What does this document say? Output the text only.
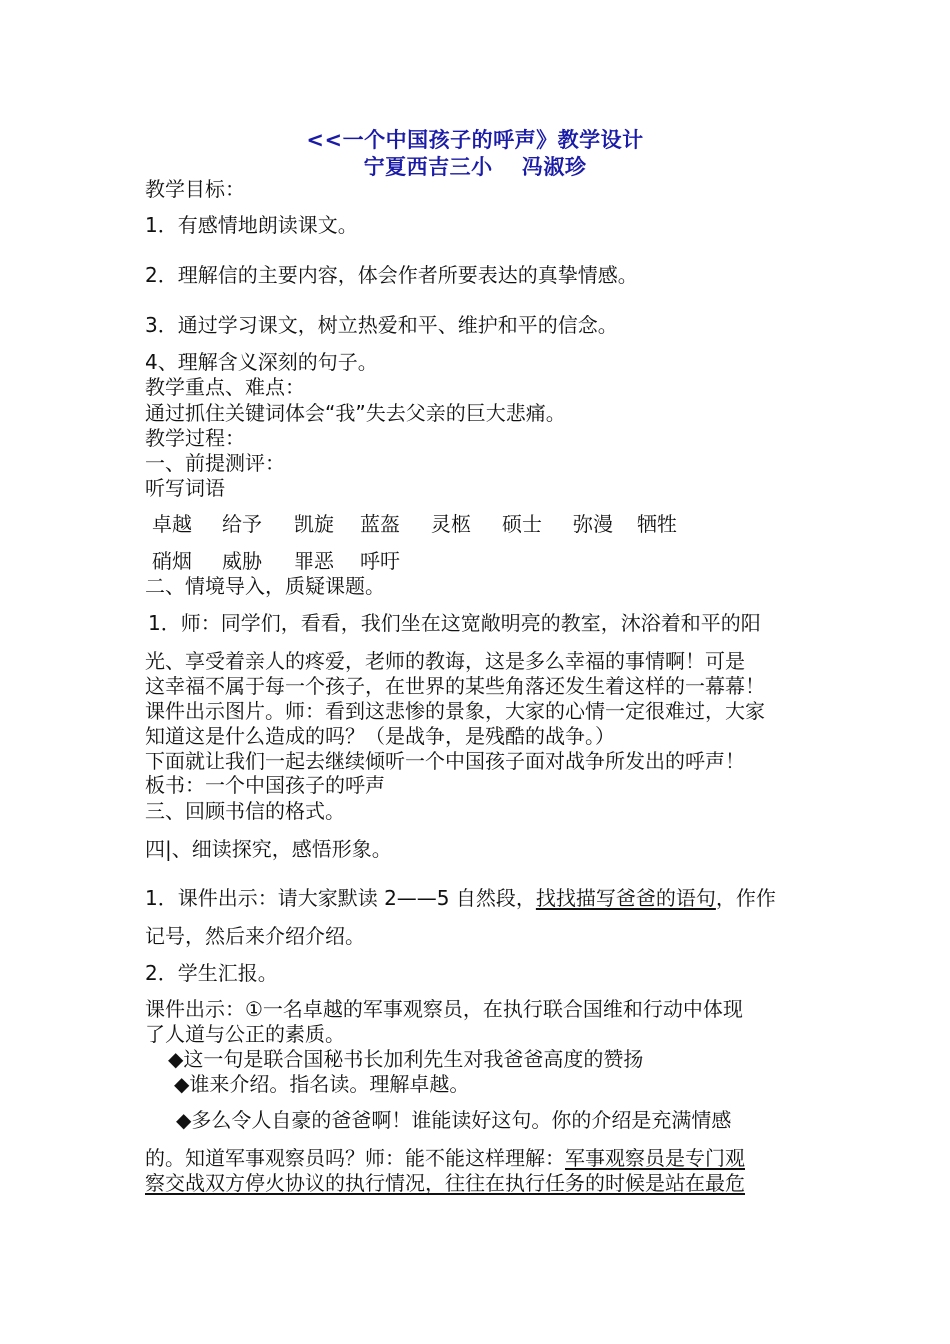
<<一个中国孩子的呼声》教学设计
宁夏西吉三小　 冯淑珍
教学目标：
1．有感情地朗读课文。
2．理解信的主要内容，体会作者所要表达的真挚情感。
3．通过学习课文，树立热爱和平、维护和平的信念。
4、理解含义深刻的句子。
教学重点、难点：
通过抓住关键词体会“我”失去父亲的巨大悲痛。
教学过程：
一、前提测评：
听写词语
卓越 给予 凯旋 蓝盔 灵柩 硕士 弥漫 牺牲
硝烟 威胁 罪恶 呼吁
二、情境导入，质疑课题。
1．师：同学们，看看，我们坐在这宽敞明亮的教室，沐浴着和平的阳
光、享受着亲人的疼爱，老师的教诲，这是多么幸福的事情啊！可是
这幸福不属于每一个孩子，在世界的某些角落还发生着这样的一幕幕！
课件出示图片。师：看到这悲惨的景象，大家的心情一定很难过，大家
知道这是什么造成的吗？（是战争，是残酷的战争。）
下面就让我们一起去继续倾听一个中国孩子面对战争所发出的呼声！
板书：一个中国孩子的呼声
三、回顾书信的格式。
四|、细读探究，感悟形象。
1．课件出示：请大家默读 2——5 自然段，找找描写爸爸的语句，作作
记号，然后来介绍介绍。
2．学生汇报。
课件出示：①一名卓越的军事观察员，在执行联合国维和行动中体现
了人道与公正的素质。
◆这一句是联合国秘书长加利先生对我爸爸高度的赞扬
◆谁来介绍。指名读。理解卓越。
◆多么令人自豪的爸爸啊！谁能读好这句。你的介绍是充满情感
的。知道军事观察员吗？师：能不能这样理解：军事观察员是专门观
察交战双方停火协议的执行情况，往往在执行任务的时候是站在最危
